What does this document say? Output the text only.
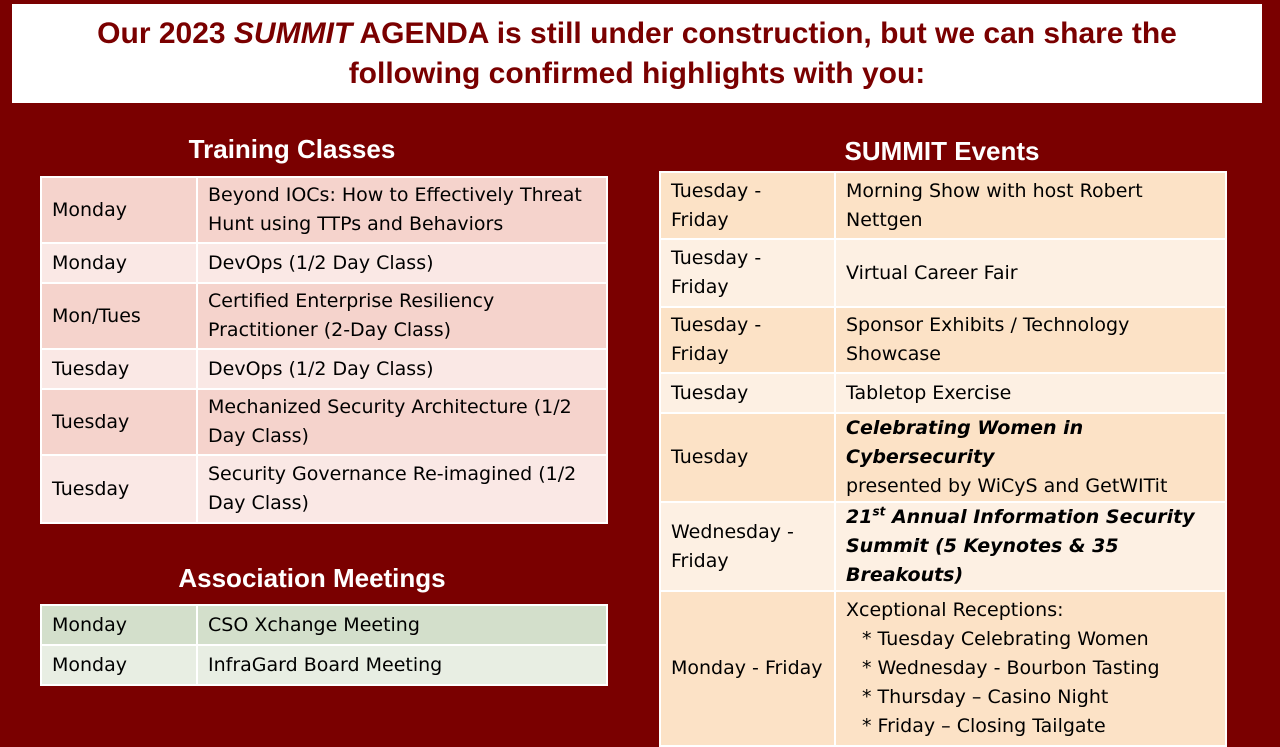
Our 2023 SUMMIT AGENDA is still under construction, but we can share the following confirmed highlights with you:
Training Classes
Monday	Beyond IOCs: How to Effectively Threat Hunt using TTPs and Behaviors
Monday	DevOps (1/2 Day Class)
Mon/Tues	Certified Enterprise Resiliency Practitioner (2-Day Class)
Tuesday	DevOps (1/2 Day Class)
Tuesday	Mechanized Security Architecture (1/2 Day Class)
Tuesday	Security Governance Re-imagined (1/2 Day Class)
Association Meetings
Monday	CSO Xchange Meeting
Monday	InfraGard Board Meeting
SUMMIT Events
Tuesday - Friday	Morning Show with host Robert Nettgen
Tuesday - Friday	Virtual Career Fair
Tuesday - Friday	Sponsor Exhibits / Technology Showcase
Tuesday	Tabletop Exercise
Tuesday	Celebrating Women in Cybersecurity
presented by WiCyS and GetWITit
Wednesday - Friday	21st Annual Information Security Summit (5 Keynotes & 35 Breakouts)
Monday - Friday	Xceptional Receptions:
* Tuesday Celebrating Women
* Wednesday - Bourbon Tasting
* Thursday – Casino Night
* Friday – Closing Tailgate
